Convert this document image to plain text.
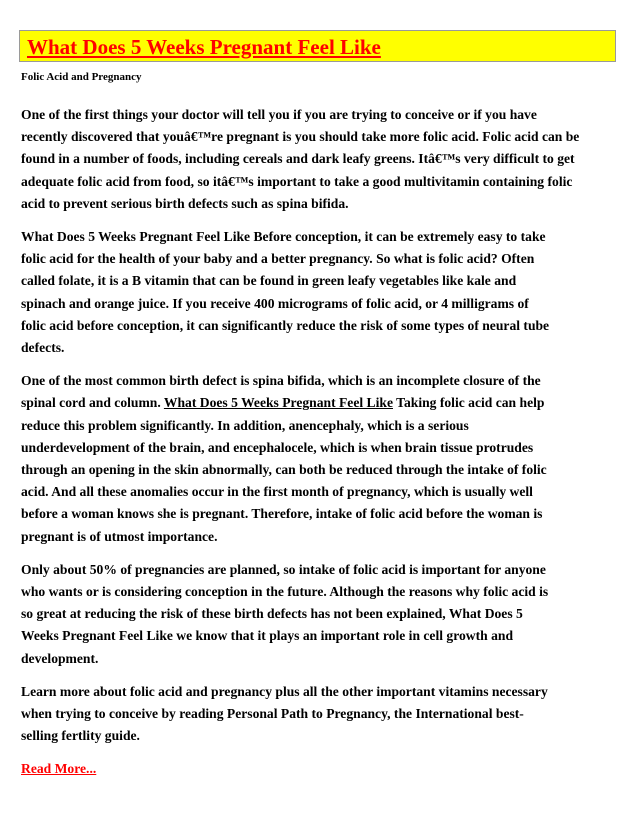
What Does 5 Weeks Pregnant Feel Like
Folic Acid and Pregnancy
One of the first things your doctor will tell you if you are trying to conceive or if you have
recently discovered that youâ€™re pregnant is you should take more folic acid. Folic acid can be
found in a number of foods, including cereals and dark leafy greens. Itâ€™s very difficult to get
adequate folic acid from food, so itâ€™s important to take a good multivitamin containing folic
acid to prevent serious birth defects such as spina bifida.
What Does 5 Weeks Pregnant Feel Like Before conception, it can be extremely easy to take
folic acid for the health of your baby and a better pregnancy. So what is folic acid? Often
called folate, it is a B vitamin that can be found in green leafy vegetables like kale and
spinach and orange juice. If you receive 400 micrograms of folic acid, or 4 milligrams of
folic acid before conception, it can significantly reduce the risk of some types of neural tube
defects.
One of the most common birth defect is spina bifida, which is an incomplete closure of the
spinal cord and column. What Does 5 Weeks Pregnant Feel Like Taking folic acid can help
reduce this problem significantly. In addition, anencephaly, which is a serious
underdevelopment of the brain, and encephalocele, which is when brain tissue protrudes
through an opening in the skin abnormally, can both be reduced through the intake of folic
acid. And all these anomalies occur in the first month of pregnancy, which is usually well
before a woman knows she is pregnant. Therefore, intake of folic acid before the woman is
pregnant is of utmost importance.
Only about 50% of pregnancies are planned, so intake of folic acid is important for anyone
who wants or is considering conception in the future. Although the reasons why folic acid is
so great at reducing the risk of these birth defects has not been explained, What Does 5
Weeks Pregnant Feel Like we know that it plays an important role in cell growth and
development.
Learn more about folic acid and pregnancy plus all the other important vitamins necessary
when trying to conceive by reading Personal Path to Pregnancy, the International best-
selling fertlity guide.
Read More...
